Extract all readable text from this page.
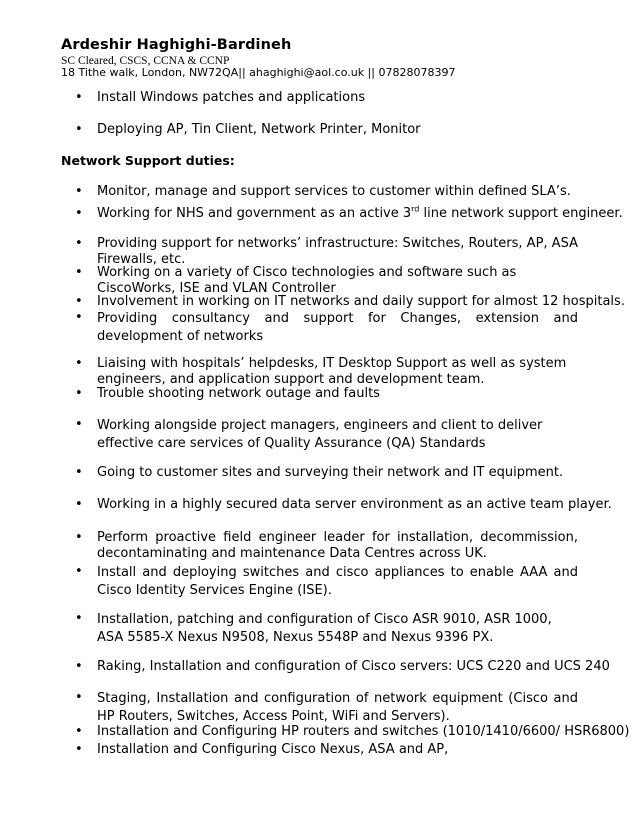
Ardeshir Haghighi-Bardineh
SC Cleared, CSCS, CCNA & CCNP
18 Tithe walk, London, NW72QA|| ahaghighi@aol.co.uk || 07828078397
• Install Windows patches and applications
• Deploying AP, Tin Client, Network Printer, Monitor
Network Support duties:
• Monitor, manage and support services to customer within defined SLA’s.
• Working for NHS and government as an active 3rd line network support engineer.
• Providing support for networks’ infrastructure: Switches, Routers, AP, ASA Firewalls, etc.
• Working on a variety of Cisco technologies and software such as CiscoWorks, ISE and VLAN Controller
• Involvement in working on IT networks and daily support for almost 12 hospitals.
• Providing consultancy and support for Changes, extension and development of networks
• Liaising with hospitals’ helpdesks, IT Desktop Support as well as system engineers, and application support and development team.
• Trouble shooting network outage and faults
• Working alongside project managers, engineers and client to deliver effective care services of Quality Assurance (QA) Standards
• Going to customer sites and surveying their network and IT equipment.
• Working in a highly secured data server environment as an active team player.
• Perform proactive field engineer leader for installation, decommission, decontaminating and maintenance Data Centres across UK.
• Install and deploying switches and cisco appliances to enable AAA and Cisco Identity Services Engine (ISE).
• Installation, patching and configuration of Cisco ASR 9010, ASR 1000, ASA 5585-X Nexus N9508, Nexus 5548P and Nexus 9396 PX.
• Raking, Installation and configuration of Cisco servers: UCS C220 and UCS 240
• Staging, Installation and configuration of network equipment (Cisco and HP Routers, Switches, Access Point, WiFi and Servers).
• Installation and Configuring HP routers and switches (1010/1410/6600/ HSR6800)
• Installation and Configuring Cisco Nexus, ASA and AP,
